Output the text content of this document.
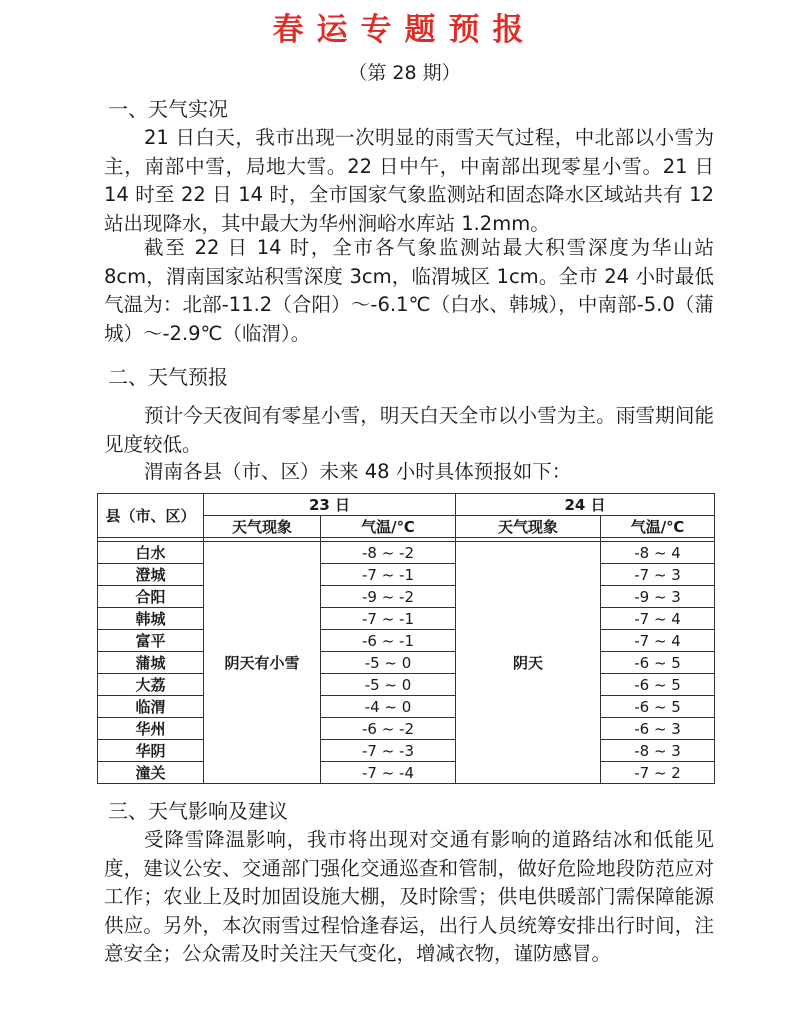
春运专题预报
（第 28 期）
一、天气实况

21 日白天，我市出现一次明显的雨雪天气过程，中北部以小雪为主，南部中雪，局地大雪。22 日中午，中南部出现零星小雪。21 日 14 时至 22 日 14 时，全市国家气象监测站和固态降水区域站共有 12 站出现降水，其中最大为华州涧峪水库站 1.2mm。

截至 22 日 14 时，全市各气象监测站最大积雪深度为华山站 8cm，渭南国家站积雪深度 3cm，临渭城区 1cm。全市 24 小时最低气温为：北部-11.2（合阳）～-6.1℃（白水、韩城），中南部-5.0（蒲城）～-2.9℃（临渭）。

二、天气预报

预计今天夜间有零星小雪，明天白天全市以小雪为主。雨雪期间能见度较低。

渭南各县（市、区）未来 48 小时具体预报如下：

县（市、区）	23 日		24 日	
	天气现象	气温/℃	天气现象	气温/℃

白水	阴天有小雪	-8 ~ -2	阴天	-8 ~ 4
澄城		-7 ~ -1		-7 ~ 3
合阳		-9 ~ -2		-9 ~ 3
韩城		-7 ~ -1		-7 ~ 4
富平		-6 ~ -1		-7 ~ 4
蒲城		-5 ~ 0		-6 ~ 5
大荔		-5 ~ 0		-6 ~ 5
临渭		-4 ~ 0		-6 ~ 5
华州		-6 ~ -2		-6 ~ 3
华阴		-7 ~ -3		-8 ~ 3
潼关		-7 ~ -4		-7 ~ 2
三、天气影响及建议

受降雪降温影响，我市将出现对交通有影响的道路结冰和低能见度，建议公安、交通部门强化交通巡查和管制，做好危险地段防范应对工作；农业上及时加固设施大棚，及时除雪；供电供暖部门需保障能源供应。另外，本次雨雪过程恰逢春运，出行人员统筹安排出行时间，注意安全；公众需及时关注天气变化，增减衣物，谨防感冒。
